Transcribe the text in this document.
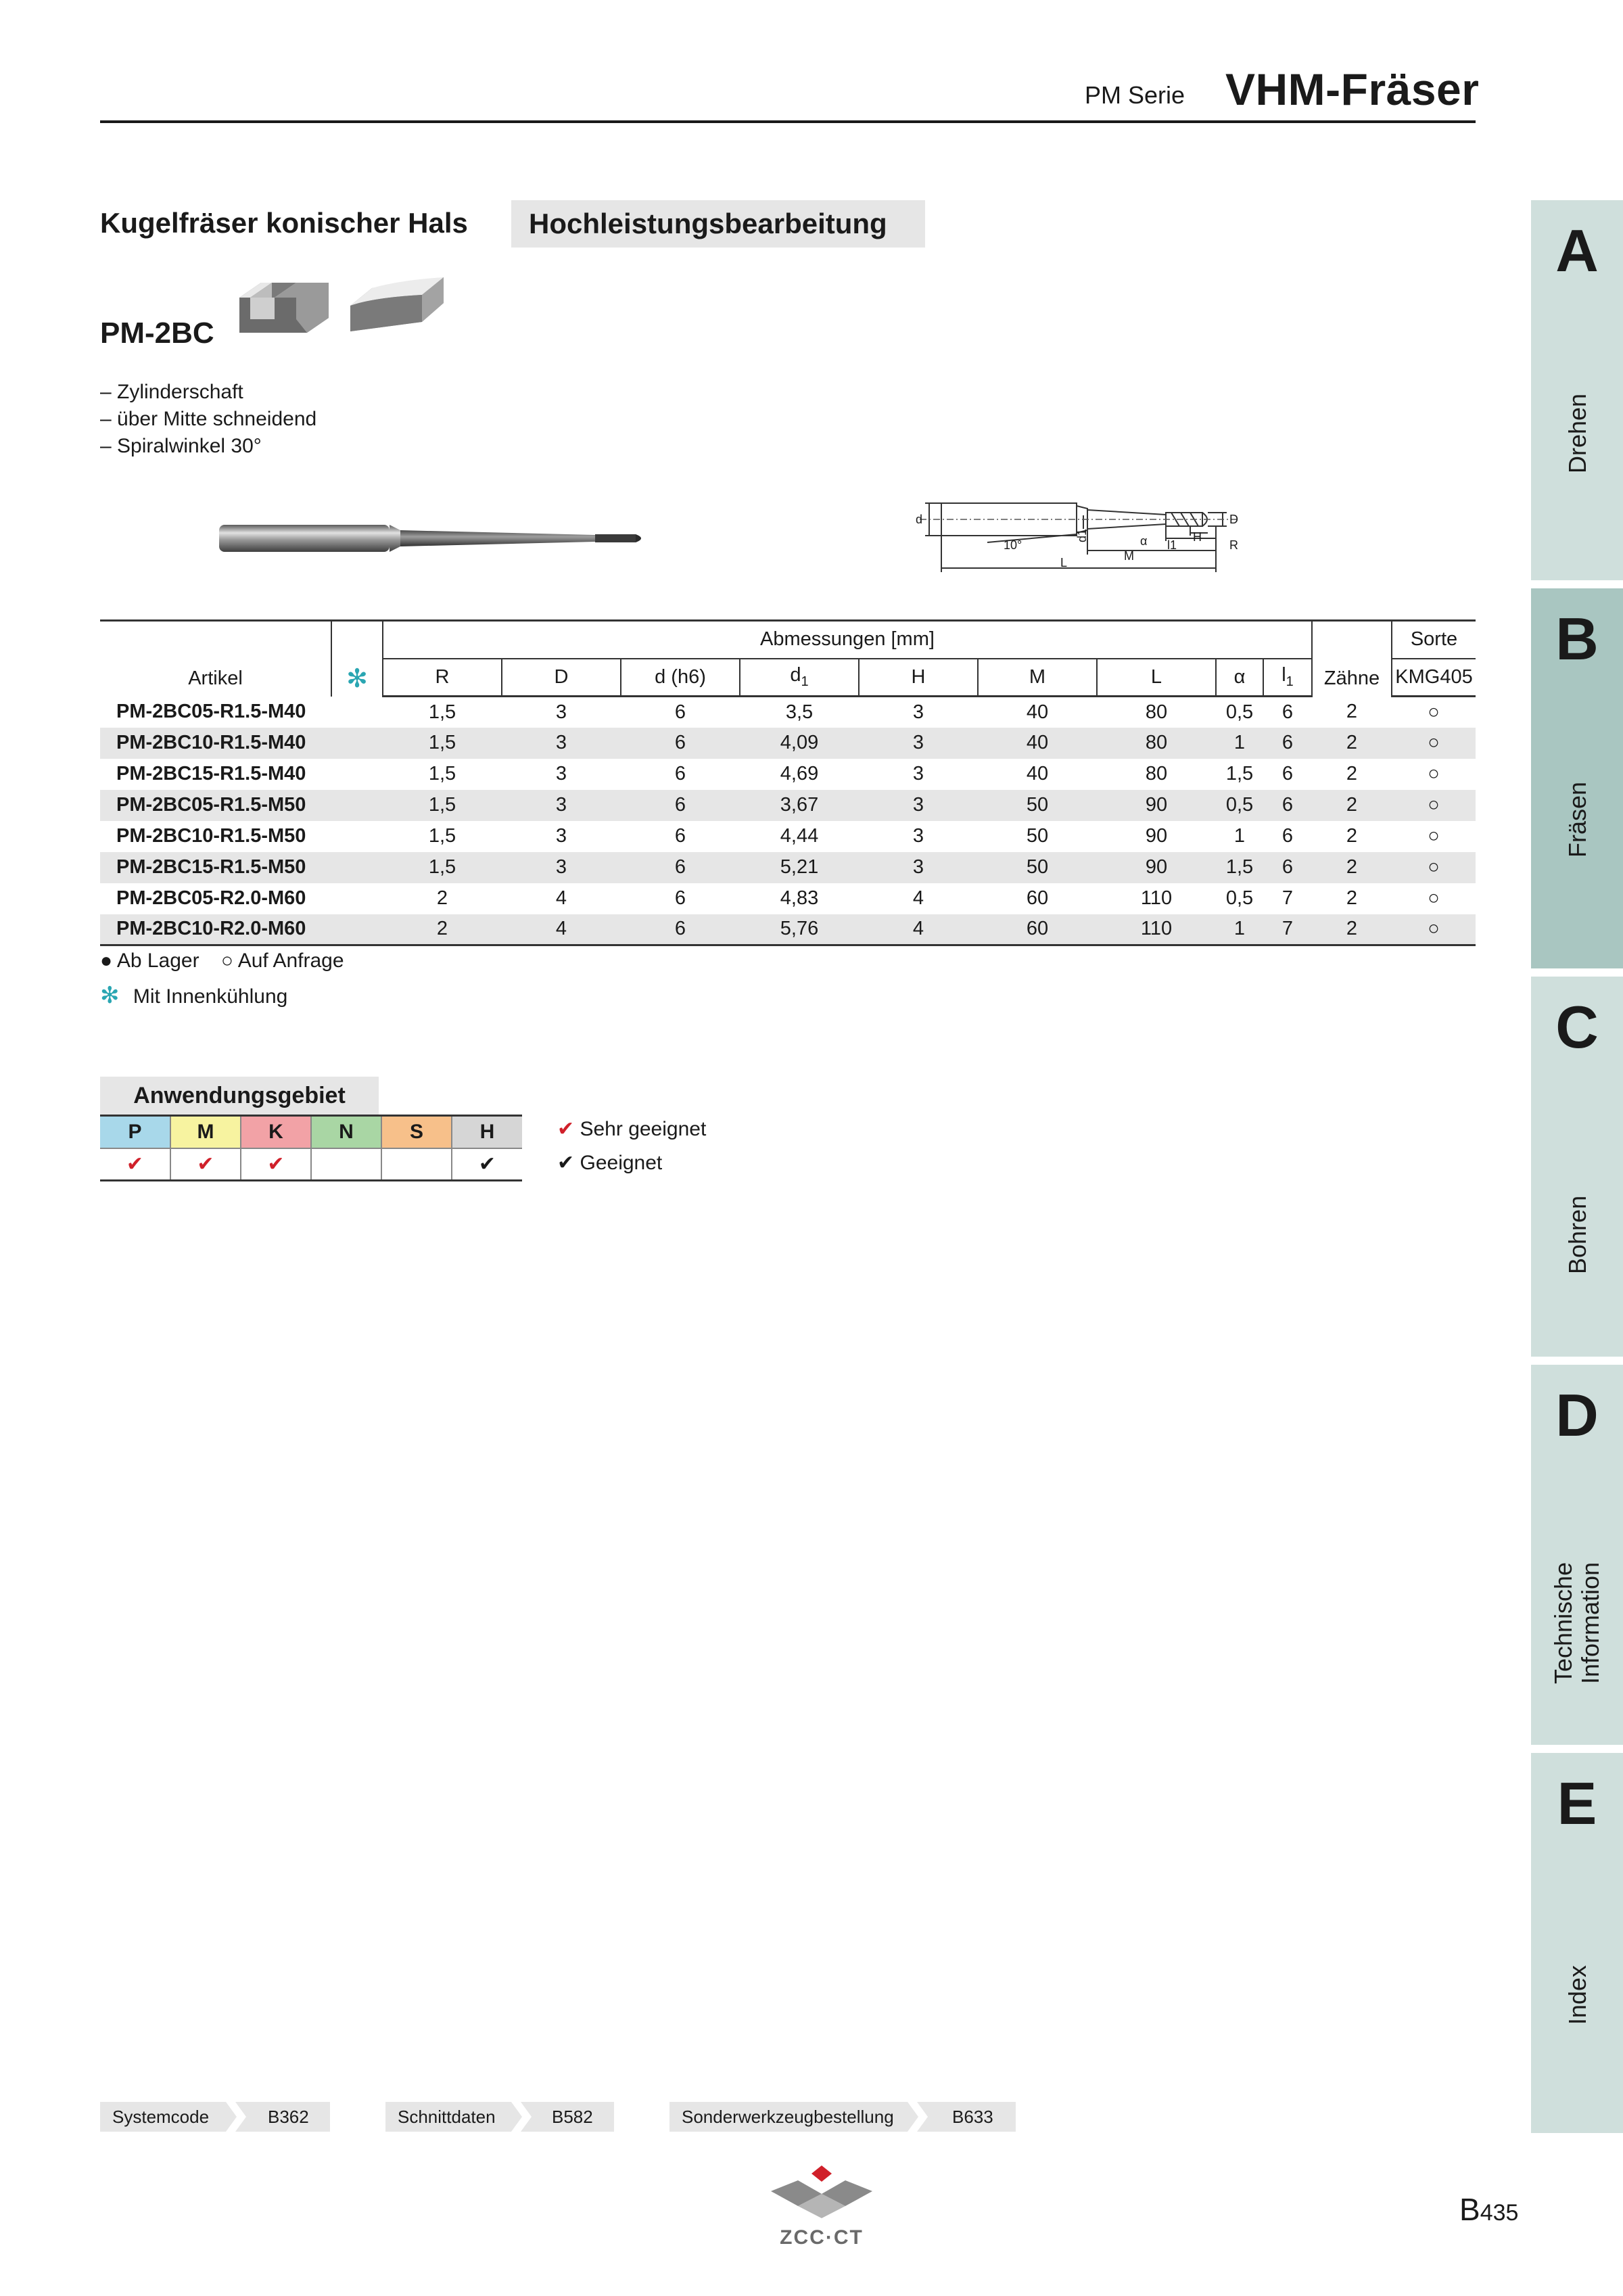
PM Serie VHM-Fräser
Kugelfräser konischer Hals	Hochleistungsbearbeitung
PM-2BC
– Zylinderschaft
– über Mitte schneidend
– Spiralwinkel 30°
d
10°
d1	α l1
H
D
R
M
L
Artikel	✻	Abmessungen [mm]									Zähne	Sorte
		R	D	d (h6)	$d_1$	H	M	L	α	$l_1$		KMG405
PM-2BC05-R1.5-M40		1,5	3	6	3,5	3	40	80	0,5	6	2	○
PM-2BC10-R1.5-M40		1,5	3	6	4,09	3	40	80	1	6	2	○
PM-2BC15-R1.5-M40		1,5	3	6	4,69	3	40	80	1,5	6	2	○
PM-2BC05-R1.5-M50		1,5	3	6	3,67	3	50	90	0,5	6	2	○
PM-2BC10-R1.5-M50		1,5	3	6	4,44	3	50	90	1	6	2	○
PM-2BC15-R1.5-M50		1,5	3	6	5,21	3	50	90	1,5	6	2	○
PM-2BC05-R2.0-M60		2	4	6	4,83	4	60	110	0,5	7	2	○
PM-2BC10-R2.0-M60		2	4	6	5,76	4	60	110	1	7	2	○
● Ab Lager ○ Auf Anfrage
✻ Mit Innenkühlung
Anwendungsgebiet
P	M	K	N	S	H
✔	✔	✔			✔
✔ Sehr geeignet
✔ Geeignet
A
Drehen
B
Fräsen
C
Bohren
D
Technische Information
E
Index
Systemcode	B362	Schnittdaten	B582	Sonderwerkzeugbestellung	B633
ZCC·CT
B435
